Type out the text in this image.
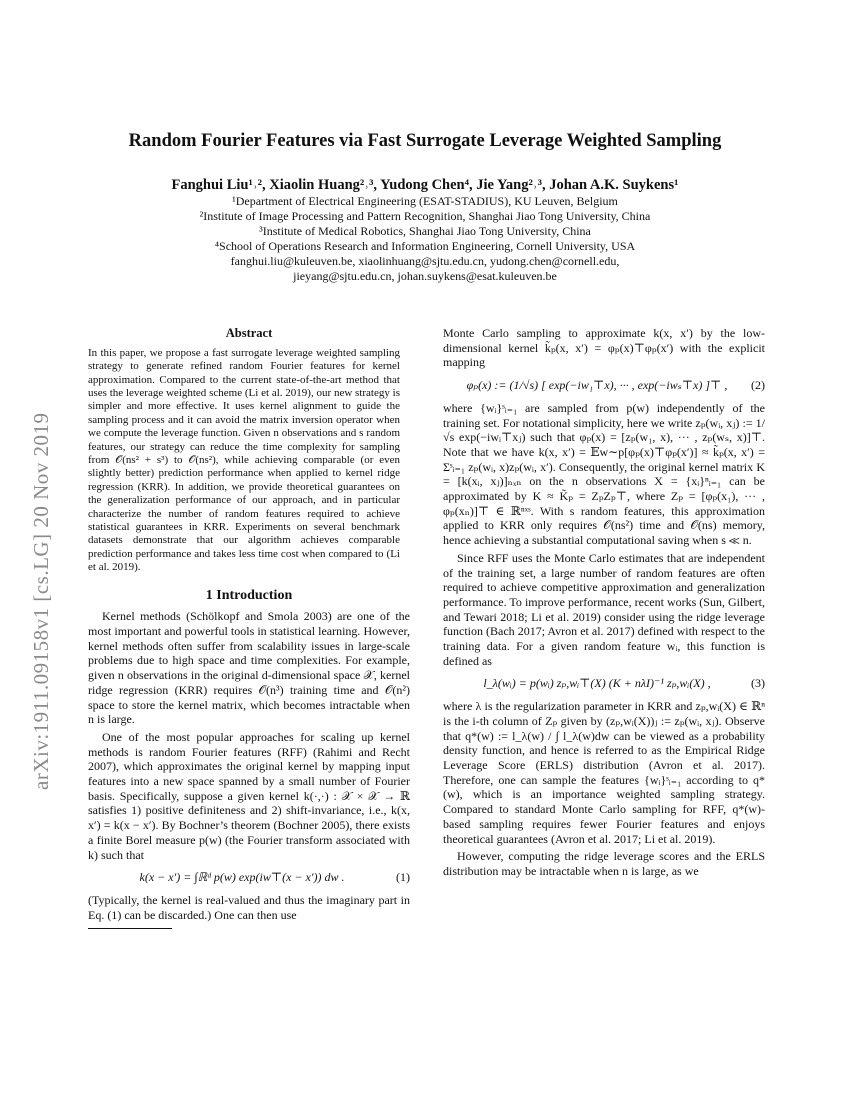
arXiv:1911.09158v1 [cs.LG] 20 Nov 2019
Random Fourier Features via Fast Surrogate Leverage Weighted Sampling
Fanghui Liu¹˒², Xiaolin Huang²˒³, Yudong Chen⁴, Jie Yang²˒³, Johan A.K. Suykens¹
¹Department of Electrical Engineering (ESAT-STADIUS), KU Leuven, Belgium
²Institute of Image Processing and Pattern Recognition, Shanghai Jiao Tong University, China
³Institute of Medical Robotics, Shanghai Jiao Tong University, China
⁴School of Operations Research and Information Engineering, Cornell University, USA
fanghui.liu@kuleuven.be, xiaolinhuang@sjtu.edu.cn, yudong.chen@cornell.edu,
jieyang@sjtu.edu.cn, johan.suykens@esat.kuleuven.be
Abstract
In this paper, we propose a fast surrogate leverage weighted sampling strategy to generate refined random Fourier features for kernel approximation. Compared to the current state-of-the-art method that uses the leverage weighted scheme (Li et al. 2019), our new strategy is simpler and more effective. It uses kernel alignment to guide the sampling process and it can avoid the matrix inversion operator when we compute the leverage function. Given n observations and s random features, our strategy can reduce the time complexity for sampling from 𝒪(ns² + s³) to 𝒪(ns²), while achieving comparable (or even slightly better) prediction performance when applied to kernel ridge regression (KRR). In addition, we provide theoretical guarantees on the generalization performance of our approach, and in particular characterize the number of random features required to achieve statistical guarantees in KRR. Experiments on several benchmark datasets demonstrate that our algorithm achieves comparable prediction performance and takes less time cost when compared to (Li et al. 2019).
1 Introduction

Kernel methods (Schölkopf and Smola 2003) are one of the most important and powerful tools in statistical learning. However, kernel methods often suffer from scalability issues in large-scale problems due to high space and time complexities. For example, given n observations in the original d-dimensional space 𝒳, kernel ridge regression (KRR) requires 𝒪(n³) training time and 𝒪(n²) space to store the kernel matrix, which becomes intractable when n is large.

One of the most popular approaches for scaling up kernel methods is random Fourier features (RFF) (Rahimi and Recht 2007), which approximates the original kernel by mapping input features into a new space spanned by a small number of Fourier basis. Specifically, suppose a given kernel k(·,·) : 𝒳 × 𝒳 → ℝ satisfies 1) positive definiteness and 2) shift-invariance, i.e., k(x, x′) = k(x − x′). By Bochner’s theorem (Bochner 2005), there exists a finite Borel measure p(w) (the Fourier transform associated with k) such that

k(x − x′) = ∫ℝᵈ p(w) exp(iw⊤(x − x′)) dw .	(1)

(Typically, the kernel is real-valued and thus the imaginary part in Eq. (1) can be discarded.) One can then use

Monte Carlo sampling to approximate k(x, x′) by the low-dimensional kernel k̃ₚ(x, x′) = φₚ(x)⊤φₚ(x′) with the explicit mapping

φₚ(x) := (1/√s) [ exp(−iw₁⊤x), ··· , exp(−iwₛ⊤x) ]⊤ ,	(2)

where {wᵢ}ˢᵢ₌₁ are sampled from p(w) independently of the training set. For notational simplicity, here we write zₚ(wᵢ, xⱼ) := 1/√s exp(−iwᵢ⊤xⱼ) such that φₚ(x) = [zₚ(w₁, x), ··· , zₚ(wₛ, x)]⊤. Note that we have k(x, x′) = 𝔼w∼p[φₚ(x)⊤φₚ(x′)] ≈ k̃ₚ(x, x′) = Σˢᵢ₌₁ zₚ(wᵢ, x)zₚ(wᵢ, x′). Consequently, the original kernel matrix K = [k(xᵢ, xⱼ)]ₙₓₙ on the n observations X = {xᵢ}ⁿᵢ₌₁ can be approximated by K ≈ K̃ₚ = ZₚZₚ⊤, where Zₚ = [φₚ(x₁), ··· , φₚ(xₙ)]⊤ ∈ ℝⁿˣˢ. With s random features, this approximation applied to KRR only requires 𝒪(ns²) time and 𝒪(ns) memory, hence achieving a substantial computational saving when s ≪ n.

Since RFF uses the Monte Carlo estimates that are independent of the training set, a large number of random features are often required to achieve competitive approximation and generalization performance. To improve performance, recent works (Sun, Gilbert, and Tewari 2018; Li et al. 2019) consider using the ridge leverage function (Bach 2017; Avron et al. 2017) defined with respect to the training data. For a given random feature wᵢ, this function is defined as

l_λ(wᵢ) = p(wᵢ) zₚ,wᵢ⊤(X) (K + nλI)⁻¹ zₚ,wᵢ(X) ,	(3)

where λ is the regularization parameter in KRR and zₚ,wᵢ(X) ∈ ℝⁿ is the i-th column of Zₚ given by (zₚ,wᵢ(X))ⱼ := zₚ(wᵢ, xⱼ). Observe that q*(w) := l_λ(w) / ∫ l_λ(w)dw can be viewed as a probability density function, and hence is referred to as the Empirical Ridge Leverage Score (ERLS) distribution (Avron et al. 2017). Therefore, one can sample the features {wᵢ}ˢᵢ₌₁ according to q*(w), which is an importance weighted sampling strategy. Compared to standard Monte Carlo sampling for RFF, q*(w)-based sampling requires fewer Fourier features and enjoys theoretical guarantees (Avron et al. 2017; Li et al. 2019).

However, computing the ridge leverage scores and the ERLS distribution may be intractable when n is large, as we
